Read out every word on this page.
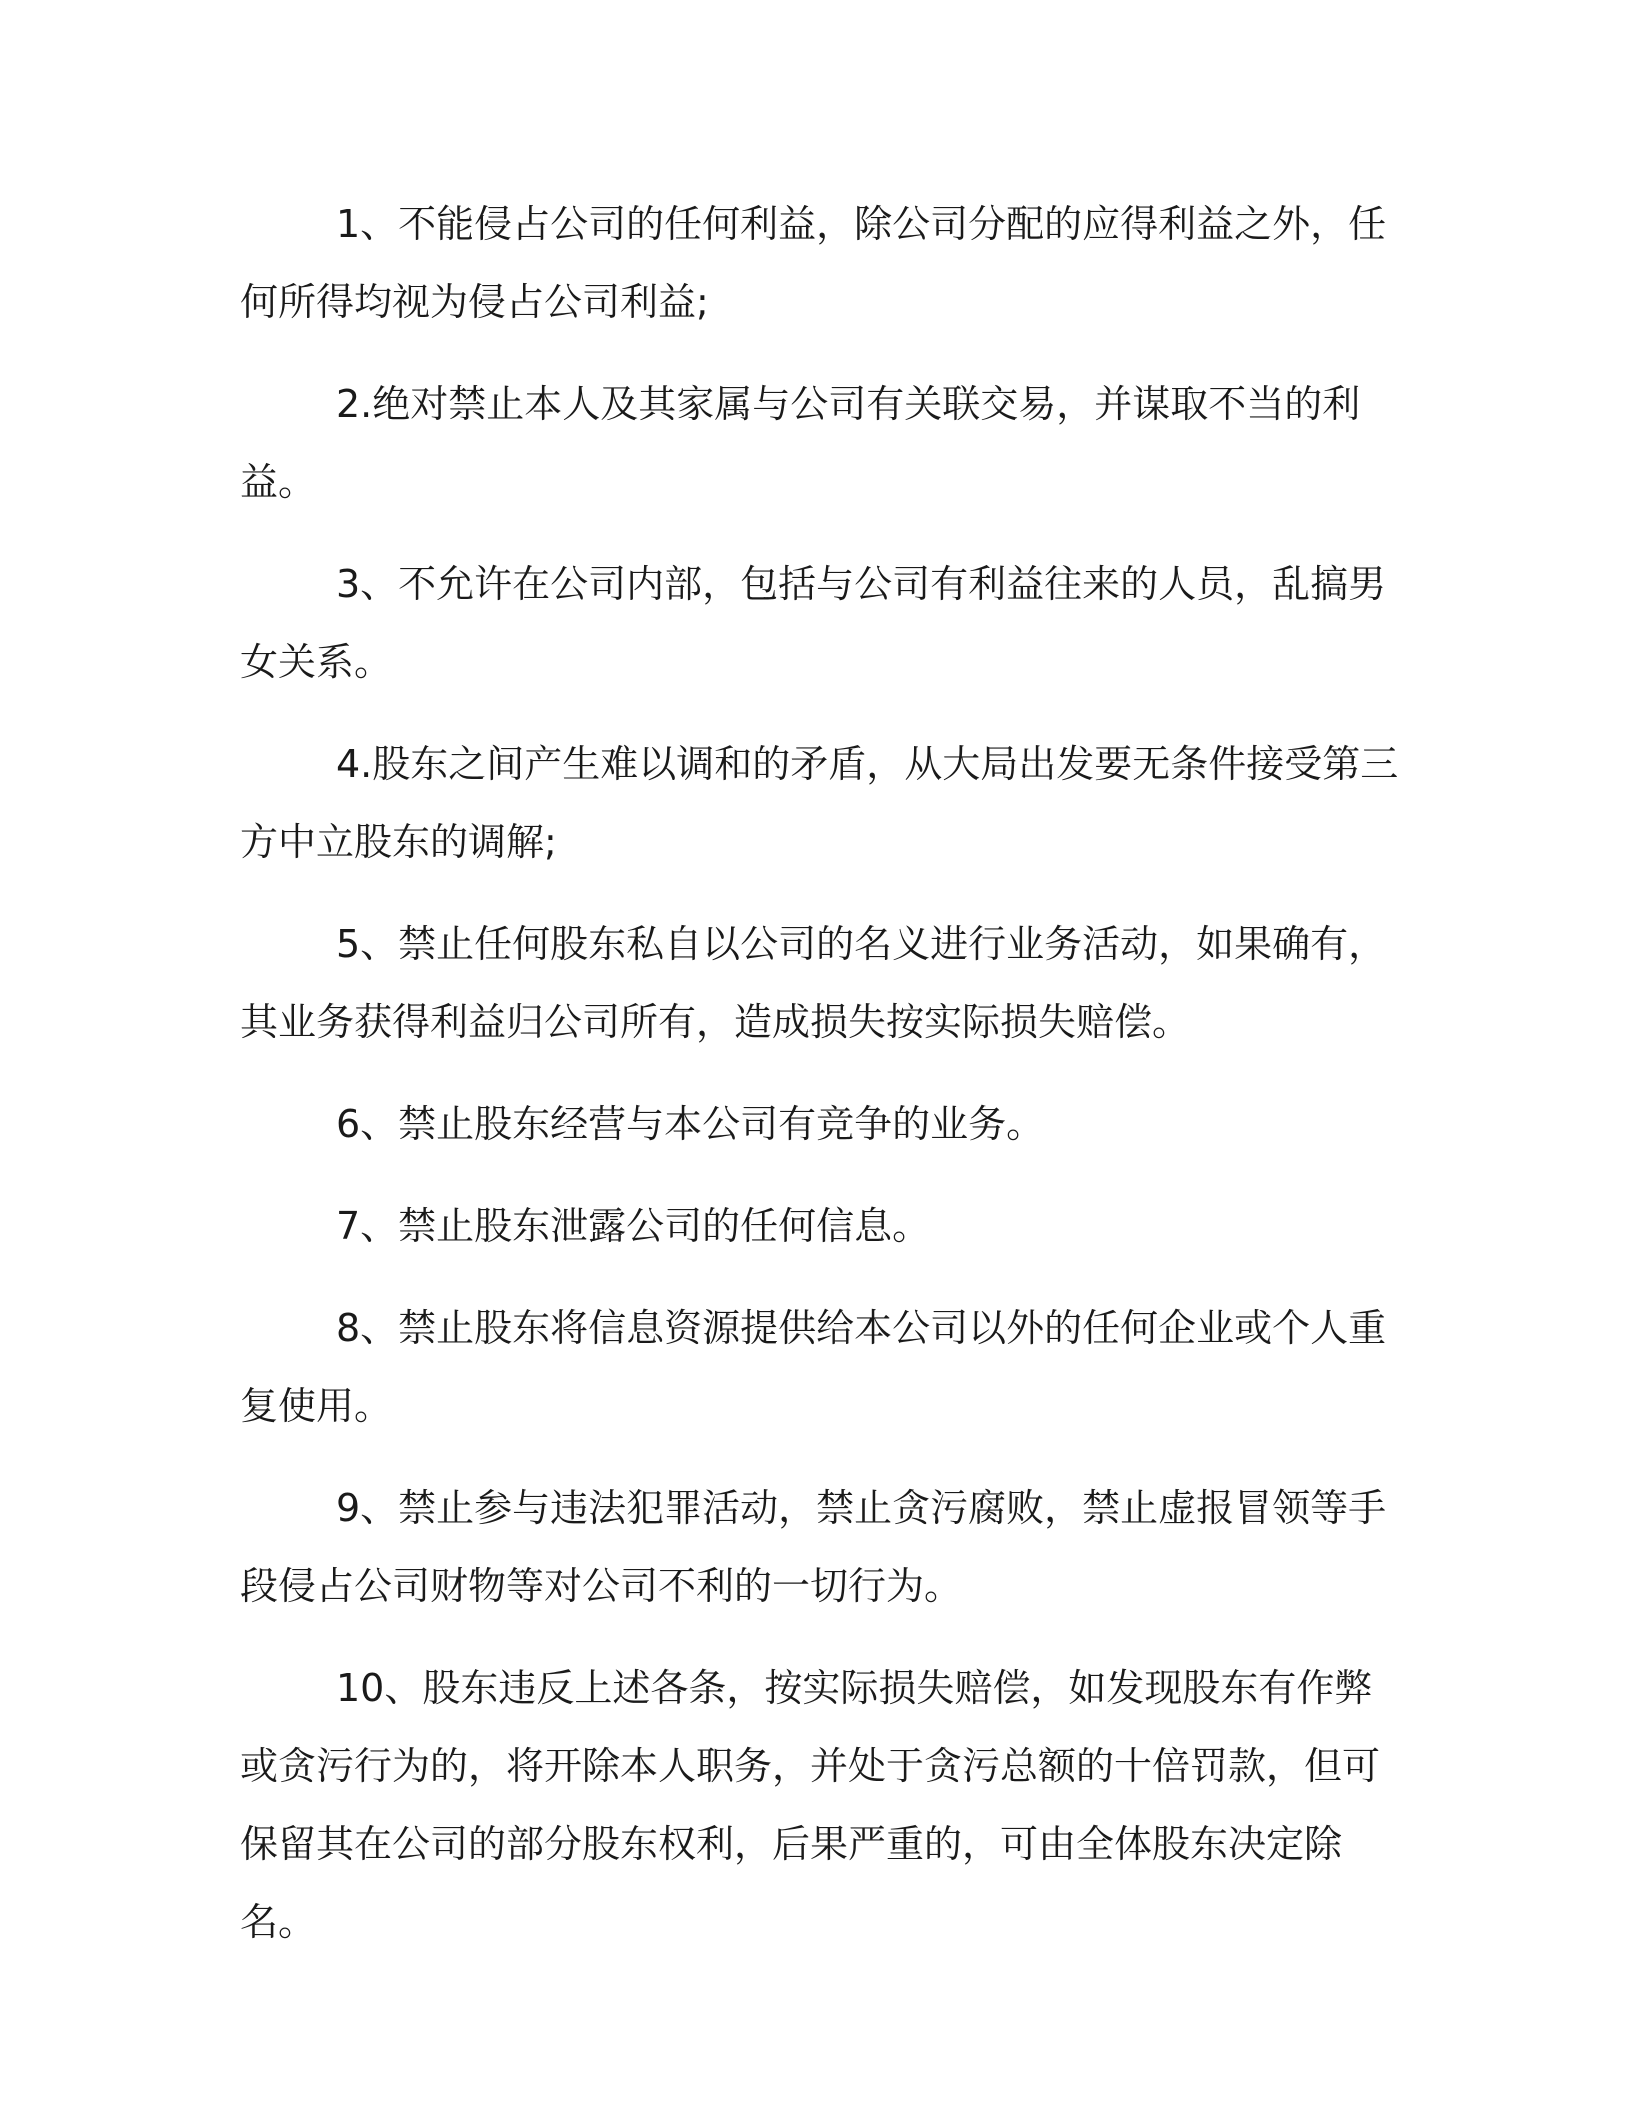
1、不能侵占公司的任何利益，除公司分配的应得利益之外，任何所得均视为侵占公司利益;

2.绝对禁止本人及其家属与公司有关联交易，并谋取不当的利益。

3、不允许在公司内部，包括与公司有利益往来的人员，乱搞男女关系。

4.股东之间产生难以调和的矛盾，从大局出发要无条件接受第三方中立股东的调解;

5、禁止任何股东私自以公司的名义进行业务活动，如果确有，其业务获得利益归公司所有，造成损失按实际损失赔偿。

6、禁止股东经营与本公司有竞争的业务。

7、禁止股东泄露公司的任何信息。

8、禁止股东将信息资源提供给本公司以外的任何企业或个人重复使用。

9、禁止参与违法犯罪活动，禁止贪污腐败，禁止虚报冒领等手段侵占公司财物等对公司不利的一切行为。

10、股东违反上述各条，按实际损失赔偿，如发现股东有作弊或贪污行为的，将开除本人职务，并处于贪污总额的十倍罚款，但可保留其在公司的部分股东权利，后果严重的，可由全体股东决定除名。
